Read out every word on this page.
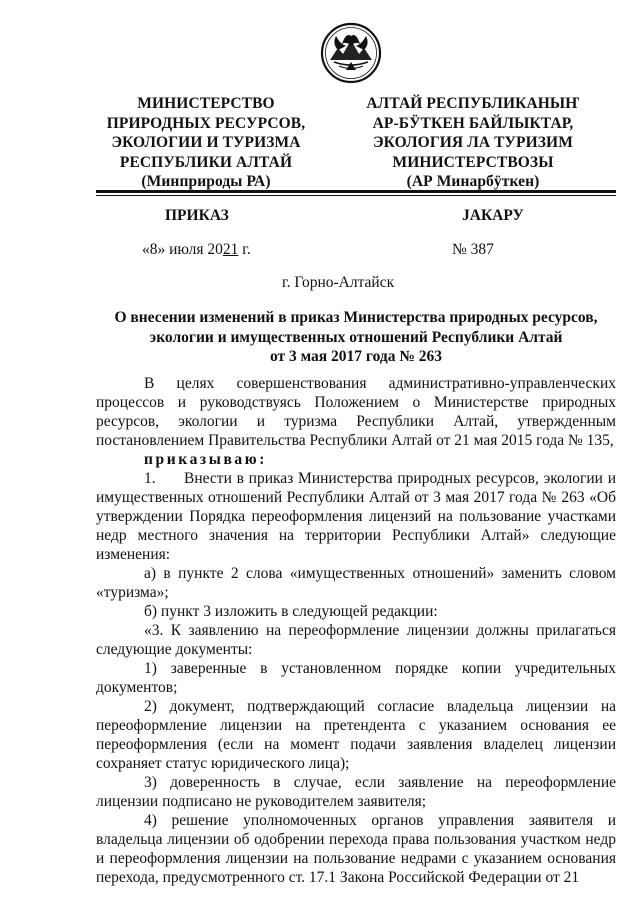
МИНИСТЕРСТВО
ПРИРОДНЫХ РЕСУРСОВ,
ЭКОЛОГИИ И ТУРИЗМА
РЕСПУБЛИКИ АЛТАЙ
(Минприроды РА)
АЛТАЙ РЕСПУБЛИКАНЫҤ
АР-БӰТКЕН БАЙЛЫКТАР,
ЭКОЛОГИЯ ЛА ТУРИЗИМ
МИНИСТЕРСТВОЗЫ
(АР Минарбӱткен)
ПРИКАЗ	JАКАРУ
«8» июля 2021 г.	№ 387
г. Горно-Алтайск
О внесении изменений в приказ Министерства природных ресурсов,
экологии и имущественных отношений Республики Алтай
от 3 мая 2017 года № 263

В целях совершенствования административно-управленческих процессов и руководствуясь Положением о Министерстве природных ресурсов, экологии и туризма Республики Алтай, утвержденным постановлением Правительства Республики Алтай от 21 мая 2015 года № 135,

приказываю:

1.      Внести в приказ Министерства природных ресурсов, экологии и имущественных отношений Республики Алтай от 3 мая 2017 года № 263 «Об утверждении Порядка переоформления лицензий на пользование участками недр местного значения на территории Республики Алтай» следующие изменения:

а) в пункте 2 слова «имущественных отношений» заменить словом «туризма»;

б) пункт 3 изложить в следующей редакции:

«3. К заявлению на переоформление лицензии должны прилагаться следующие документы:

1) заверенные в установленном порядке копии учредительных документов;

2) документ, подтверждающий согласие владельца лицензии на переоформление лицензии на претендента с указанием основания ее переоформления (если на момент подачи заявления владелец лицензии сохраняет статус юридического лица);

3) доверенность в случае, если заявление на переоформление лицензии подписано не руководителем заявителя;

4) решение уполномоченных органов управления заявителя и владельца лицензии об одобрении перехода права пользования участком недр и переоформления лицензии на пользование недрами с указанием основания перехода, предусмотренного ст. 17.1 Закона Российской Федерации от 21
